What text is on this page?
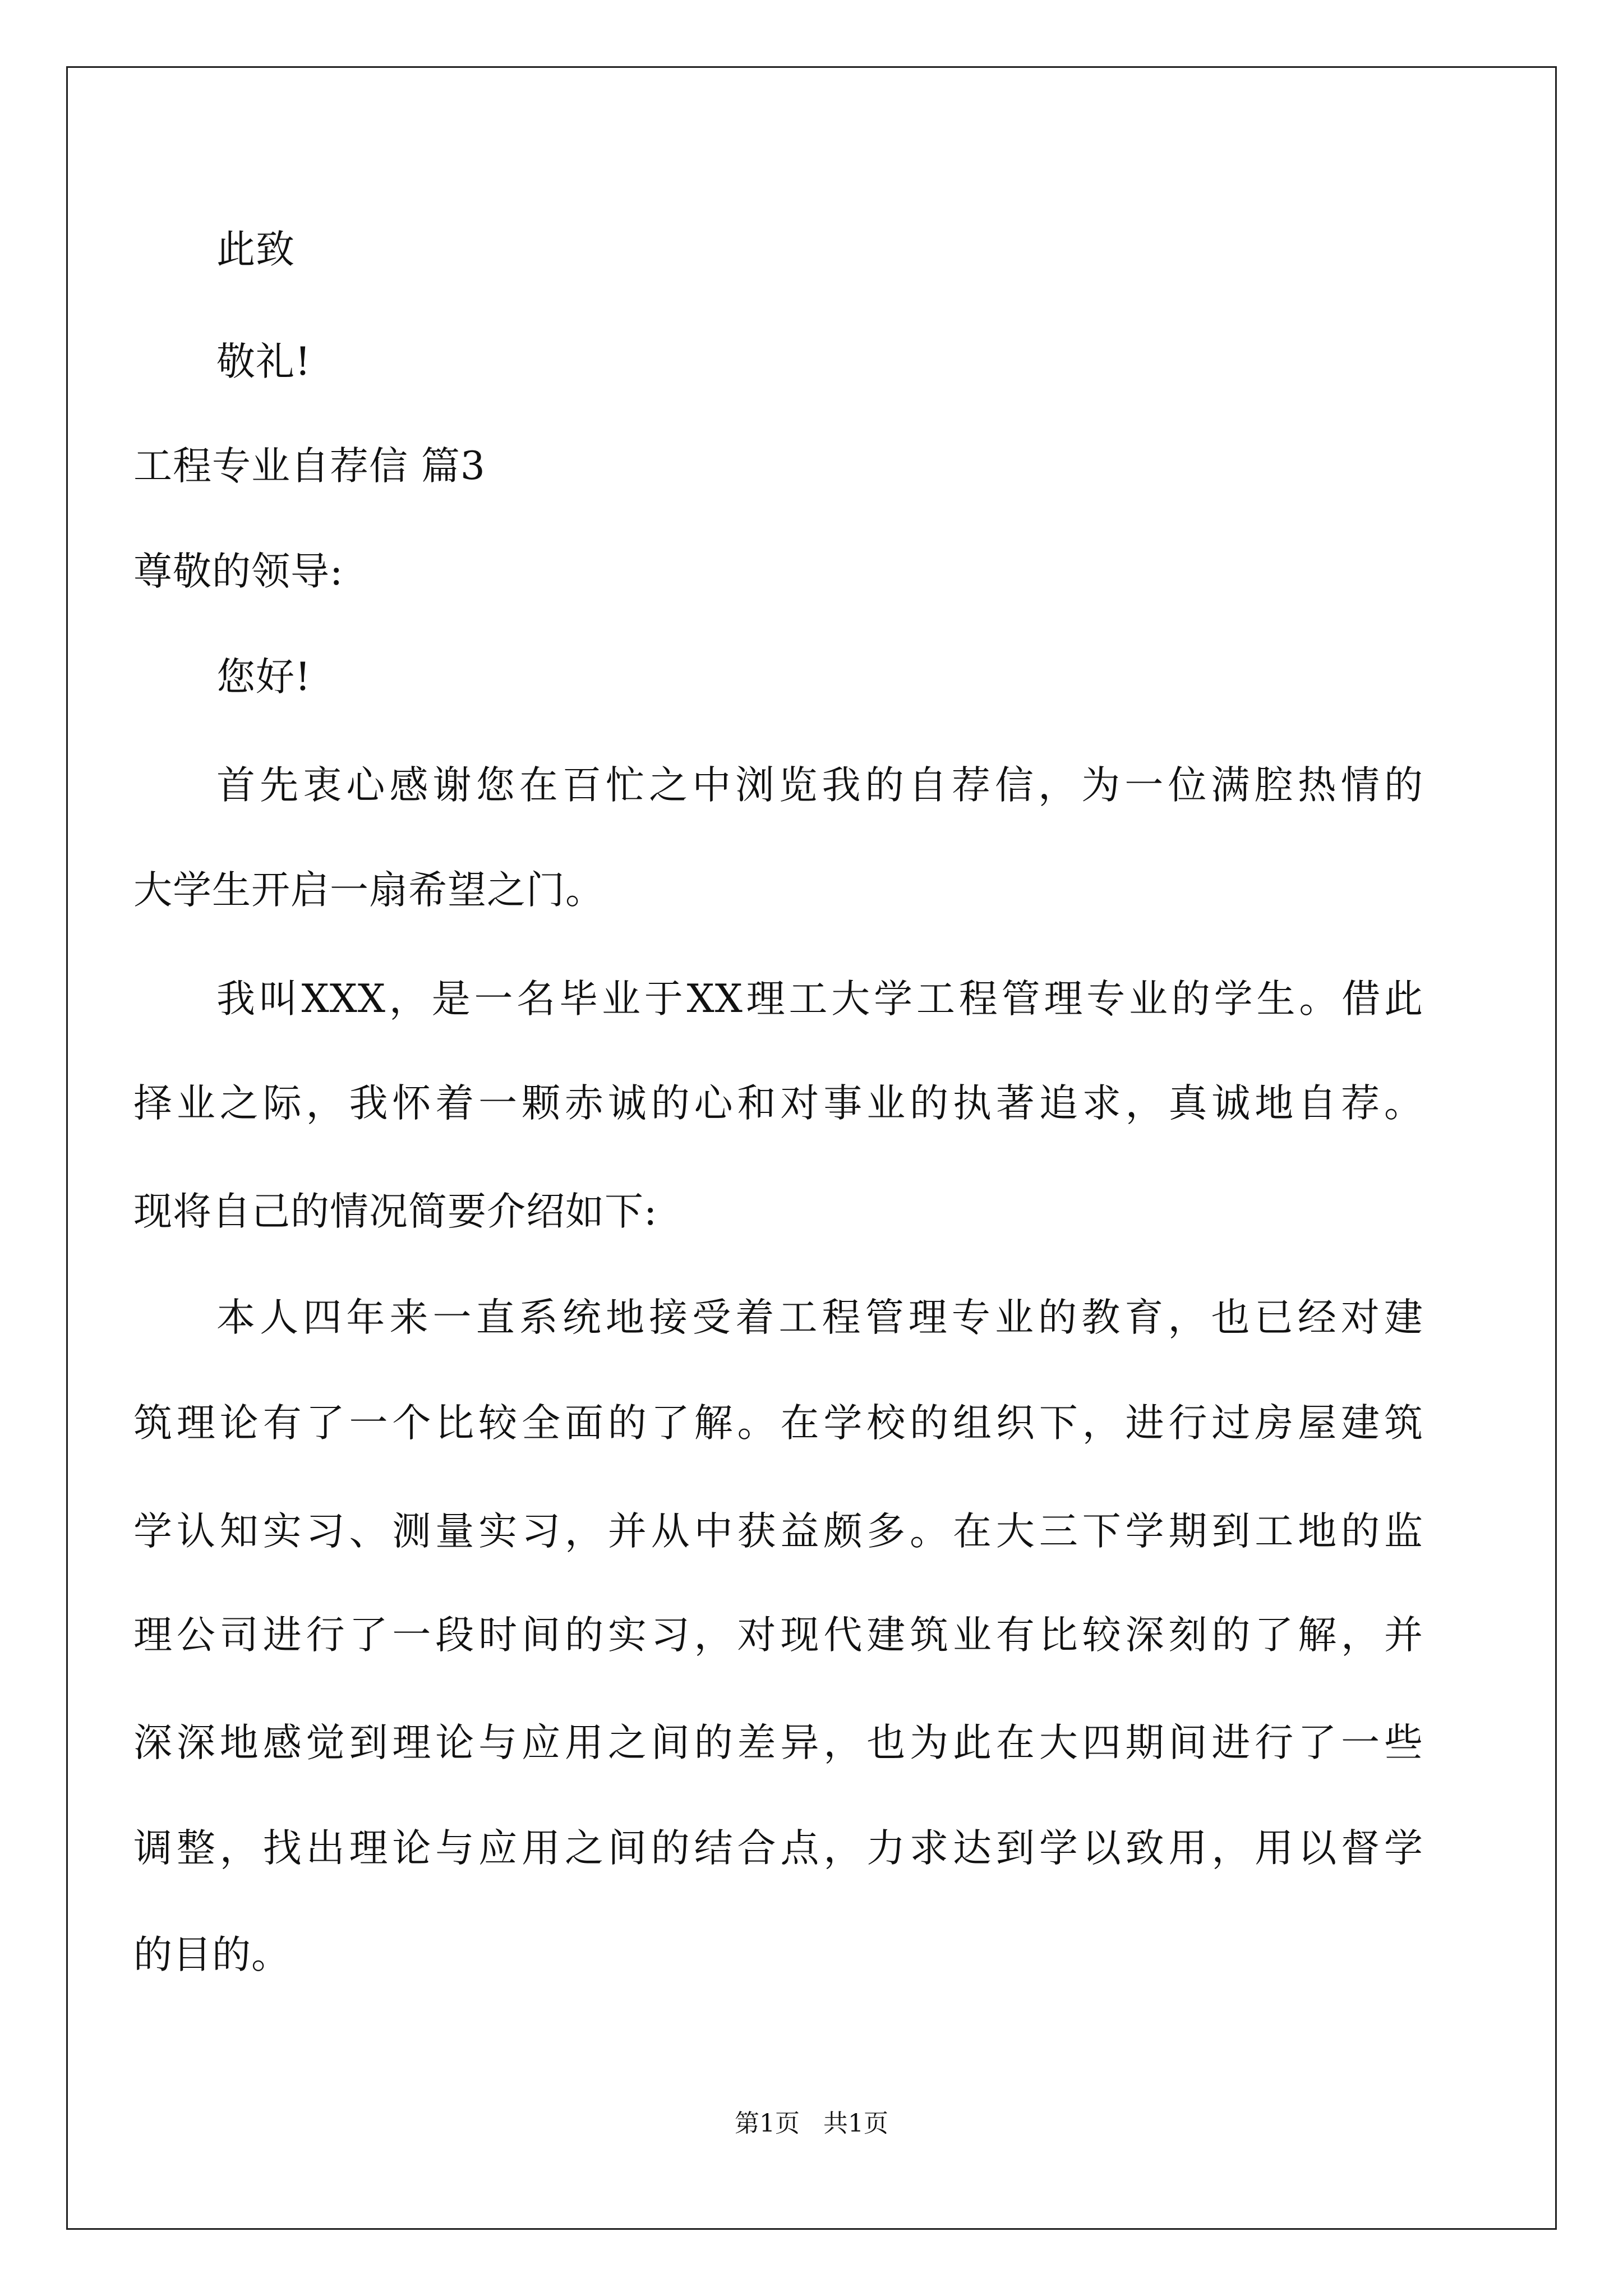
此致
敬礼!
工程专业自荐信 篇3
尊敬的领导:
您好!
首先衷心感谢您在百忙之中浏览我的自荐信，为一位满腔热情的
大学生开启一扇希望之门。
我叫XXX，是一名毕业于XX理工大学工程管理专业的学生。借此
择业之际，我怀着一颗赤诚的心和对事业的执著追求，真诚地自荐。
现将自己的情况简要介绍如下:
本人四年来一直系统地接受着工程管理专业的教育，也已经对建
筑理论有了一个比较全面的了解。在学校的组织下，进行过房屋建筑
学认知实习、测量实习，并从中获益颇多。在大三下学期到工地的监
理公司进行了一段时间的实习，对现代建筑业有比较深刻的了解，并
深深地感觉到理论与应用之间的差异，也为此在大四期间进行了一些
调整，找出理论与应用之间的结合点，力求达到学以致用，用以督学
的目的。
第1页   共1页
